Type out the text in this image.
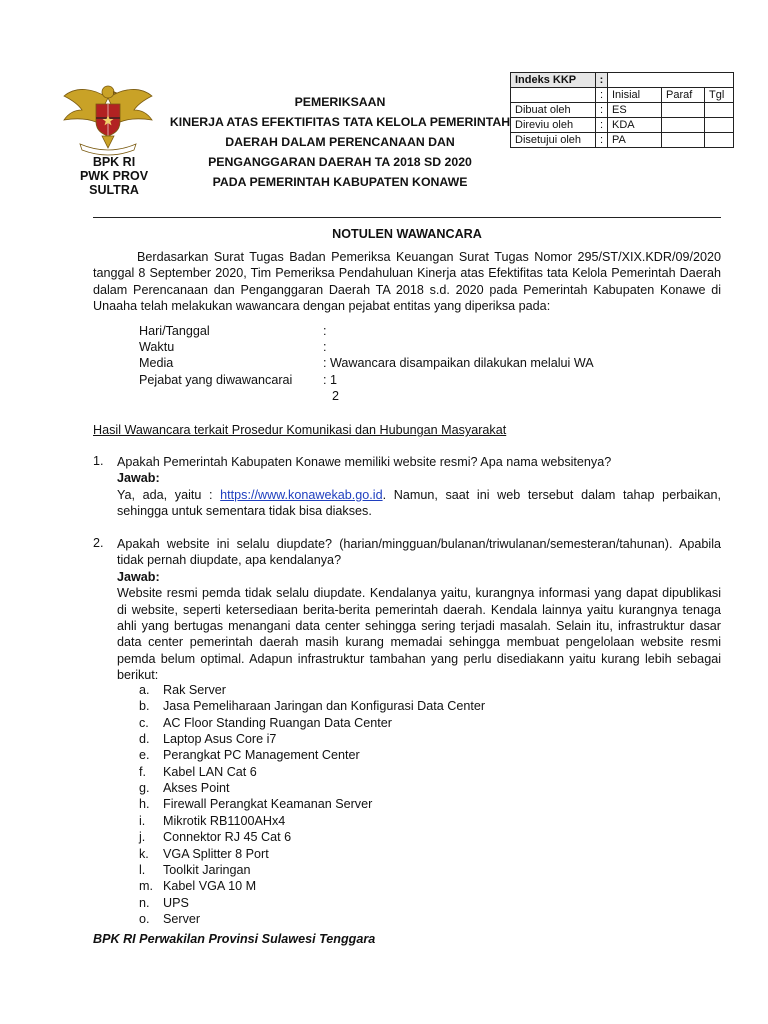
BPK RI
PWK PROV SULTRA
PEMERIKSAAN
KINERJA ATAS EFEKTIFITAS TATA KELOLA PEMERINTAH
DAERAH DALAM PERENCANAAN DAN
PENGANGGARAN DAERAH TA 2018 SD 2020
PADA PEMERINTAH KABUPATEN KONAWE
Indeks KKP	:			
	:	Inisial	Paraf	Tgl
Dibuat oleh	:	ES		
Direviu oleh	:	KDA		
Disetujui oleh	:	PA		
NOTULEN WAWANCARA
Berdasarkan Surat Tugas Badan Pemeriksa Keuangan Surat Tugas Nomor 295/ST/XIX.KDR/09/2020 tanggal 8 September 2020, Tim Pemeriksa Pendahuluan Kinerja atas Efektifitas tata Kelola Pemerintah Daerah dalam Perencanaan dan Penganggaran Daerah TA 2018 s.d. 2020 pada Pemerintah Kabupaten Konawe di Unaaha telah melakukan wawancara dengan pejabat entitas yang diperiksa pada:
Hari/Tanggal	:
Waktu	:
Media	: Wawancara disampaikan dilakukan melalui WA
Pejabat yang diwawancarai : 1
2
Hasil Wawancara terkait Prosedur Komunikasi dan Hubungan Masyarakat
1. Apakah Pemerintah Kabupaten Konawe memiliki website resmi? Apa nama websitenya?
Jawab:
Ya, ada, yaitu : https://www.konawekab.go.id. Namun, saat ini web tersebut dalam tahap perbaikan, sehingga untuk sementara tidak bisa diakses.
2. Apakah website ini selalu diupdate? (harian/mingguan/bulanan/triwulanan/semesteran/tahunan). Apabila tidak pernah diupdate, apa kendalanya?
Jawab:
Website resmi pemda tidak selalu diupdate. Kendalanya yaitu, kurangnya informasi yang dapat dipublikasi di website, seperti ketersediaan berita-berita pemerintah daerah. Kendala lainnya yaitu kurangnya tenaga ahli yang bertugas menangani data center sehingga sering terjadi masalah. Selain itu, infrastruktur dasar data center pemerintah daerah masih kurang memadai sehingga membuat pengelolaan website resmi pemda belum optimal. Adapun infrastruktur tambahan yang perlu disediakann yaitu kurang lebih sebagai berikut:
a. Rak Server
b. Jasa Pemeliharaan Jaringan dan Konfigurasi Data Center
c. AC Floor Standing Ruangan Data Center
d. Laptop Asus Core i7
e. Perangkat PC Management Center
f. Kabel LAN Cat 6
g. Akses Point
h. Firewall Perangkat Keamanan Server
i. Mikrotik RB1100AHx4
j. Connektor RJ 45 Cat 6
k. VGA Splitter 8 Port
l. Toolkit Jaringan
m. Kabel VGA 10 M
n. UPS
o. Server
BPK RI Perwakilan Provinsi Sulawesi Tenggara
